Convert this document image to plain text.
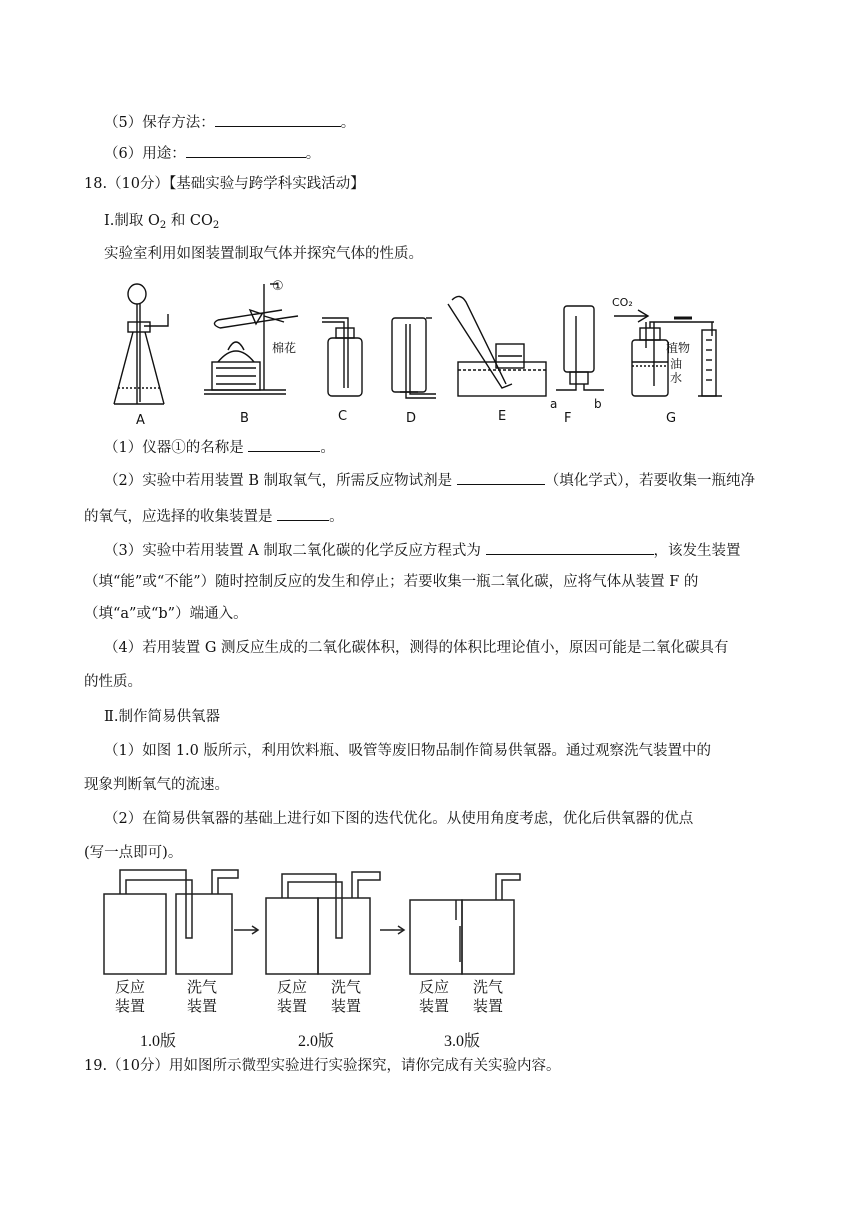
（5）保存方法：	。
（6）用途：	。
18.（10分）【基础实验与跨学科实践活动】
Ⅰ.制取 $O_2$ 和 $CO_2$
实验室利用如图装置制取气体并探究气体的性质。
①
棉花
CO₂
a	b
植物
油
水
A	B	C	D	E	F	G
（1）仪器①的名称是	。
（2）实验中若用装置 B 制取氧气，所需反应物试剂是	（填化学式），若要收集一瓶纯净
的氧气，应选择的收集装置是	。
（3）实验中若用装置 A 制取二氧化碳的化学反应方程式为	，该发生装置
（填“能”或“不能”）随时控制反应的发生和停止；若要收集一瓶二氧化碳，应将气体从装置 F 的
（填“a”或“b”）端通入。
（4）若用装置 G 测反应生成的二氧化碳体积，测得的体积比理论值小，原因可能是二氧化碳具有
的性质。
Ⅱ.制作简易供氧器
（1）如图 1.0 版所示，利用饮料瓶、吸管等废旧物品制作简易供氧器。通过观察洗气装置中的
现象判断氧气的流速。
（2）在简易供氧器的基础上进行如下图的迭代优化。从使用角度考虑，优化后供氧器的优点
(写一点即可)。
反应
装置
洗气
装置
反应
装置
洗气
装置
反应
装置
洗气
装置
1.0版	2.0版	3.0版
19.（10分）用如图所示微型实验进行实验探究，请你完成有关实验内容。
